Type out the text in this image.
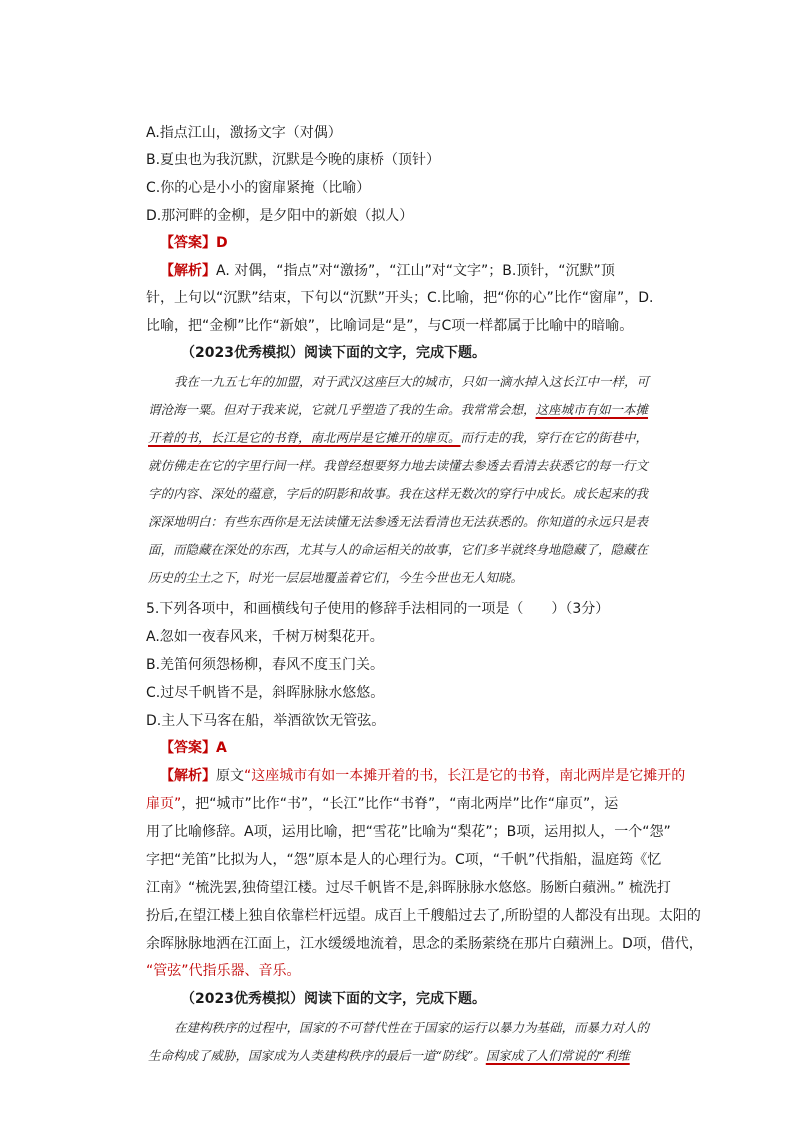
A.指点江山，激扬文字（对偶）
B.夏虫也为我沉默，沉默是今晚的康桥（顶针）
C.你的心是小小的窗扉紧掩（比喻）
D.那河畔的金柳，是夕阳中的新娘（拟人）
【答案】D
【解析】A. 对偶，“指点”对“激扬”，“江山”对“文字”；B.顶针，“沉默”顶
针，上句以“沉默”结束，下句以“沉默”开头；C.比喻，把“你的心”比作“窗扉”，D.
比喻，把“金柳”比作“新娘”，比喻词是“是”，与C项一样都属于比喻中的暗喻。
（2023优秀模拟）阅读下面的文字，完成下题。
我在一九五七年的加盟，对于武汉这座巨大的城市，只如一滴水掉入这长江中一样，可
谓沧海一粟。但对于我来说，它就几乎塑造了我的生命。我常常会想，这座城市有如一本摊
开着的书，长江是它的书脊，南北两岸是它摊开的扉页。而行走的我，穿行在它的街巷中，
就仿佛走在它的字里行间一样。我曾经想要努力地去读懂去参透去看清去获悉它的每一行文
字的内容、深处的蕴意，字后的阴影和故事。我在这样无数次的穿行中成长。成长起来的我
深深地明白：有些东西你是无法读懂无法参透无法看清也无法获悉的。你知道的永远只是表
面，而隐藏在深处的东西，尤其与人的命运相关的故事，它们多半就终身地隐藏了，隐藏在
历史的尘土之下，时光一层层地覆盖着它们，今生今世也无人知晓。
5.下列各项中，和画横线句子使用的修辞手法相同的一项是（　　）（3分）
A.忽如一夜春风来，千树万树梨花开。
B.羌笛何须怨杨柳，春风不度玉门关。
C.过尽千帆皆不是，斜晖脉脉水悠悠。
D.主人下马客在船，举酒欲饮无管弦。
【答案】A
【解析】原文“这座城市有如一本摊开着的书，长江是它的书脊，南北两岸是它摊开的
扉页”，把“城市”比作“书”，“长江”比作“书脊”，“南北两岸”比作“扉页”，运
用了比喻修辞。A项，运用比喻，把“雪花”比喻为“梨花”；B项，运用拟人，一个“怨”
字把“羌笛”比拟为人，“怨”原本是人的心理行为。C项，“千帆”代指船，温庭筠《忆
江南》“梳洗罢,独倚望江楼。过尽千帆皆不是,斜晖脉脉水悠悠。肠断白蘋洲。” 梳洗打
扮后,在望江楼上独自依靠栏杆远望。成百上千艘船过去了,所盼望的人都没有出现。太阳的
余晖脉脉地洒在江面上，江水缓缓地流着，思念的柔肠萦绕在那片白蘋洲上。D项，借代，
“管弦”代指乐器、音乐。
（2023优秀模拟）阅读下面的文字，完成下题。
在建构秩序的过程中，国家的不可替代性在于国家的运行以暴力为基础，而暴力对人的
生命构成了威胁，国家成为人类建构秩序的最后一道“防线”。国家成了人们常说的“利维
